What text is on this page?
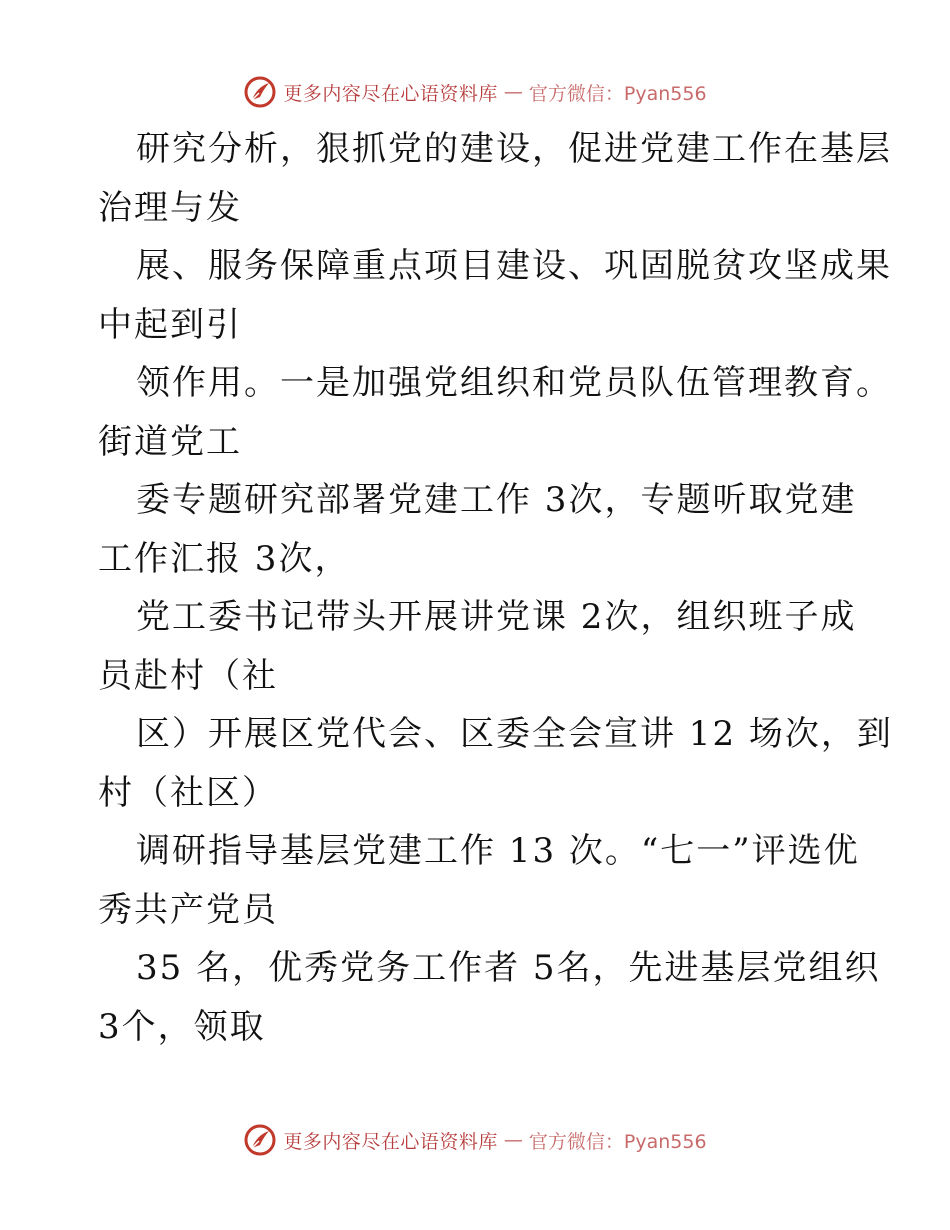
更多内容尽在心语资料库 — 官方微信：Pyan556
研究分析，狠抓党的建设，促进党建工作在基层
治理与发
展、服务保障重点项目建设、巩固脱贫攻坚成果
中起到引
领作用。一是加强党组织和党员队伍管理教育。
街道党工
委专题研究部署党建工作 3次，专题听取党建
工作汇报 3次，
党工委书记带头开展讲党课 2次，组织班子成
员赴村（社
区）开展区党代会、区委全会宣讲 12 场次，到
村（社区）
调研指导基层党建工作 13 次。“七一”评选优
秀共产党员
35 名，优秀党务工作者 5名，先进基层党组织
3个，领取
更多内容尽在心语资料库 — 官方微信：Pyan556
